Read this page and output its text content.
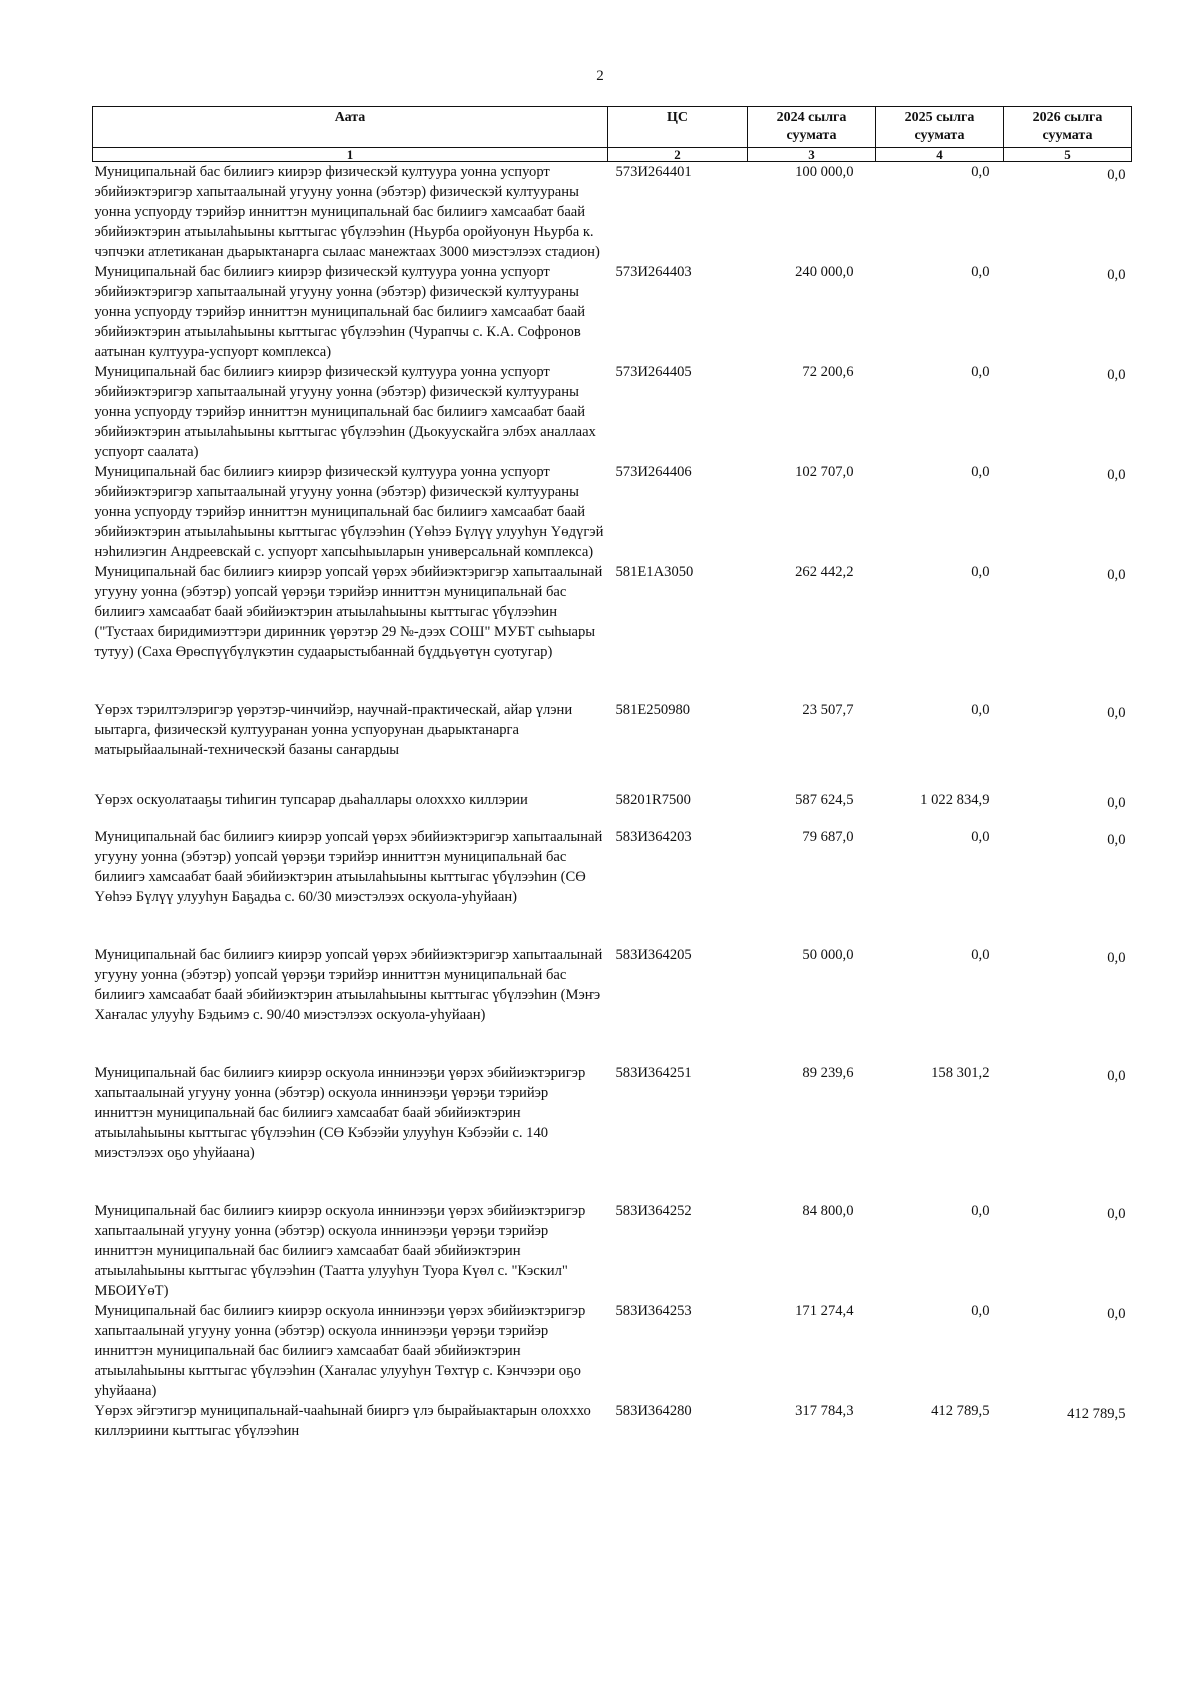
2
Аата	ЦС	2024 сылга суумата	2025 сылга суумата	2026 сылга суумата
1	2	3	4	5
Муниципальнай бас билиигэ киирэр физическэй култуура уонна успуорт эбийиэктэригэр хапытаалынай угууну уонна (эбэтэр) физическэй култуураны уонна успуорду тэрийэр инниттэн муниципальнай бас билиигэ хамсаабат баай эбийиэктэрин атыылаһыыны кыттыгас үбүлээһин (Ньурба оройуонун Ньурба к. чэпчэки атлетиканан дьарыктанарга сылаас манежтаах 3000 миэстэлээх стадион)	573И264401	100 000,0	0,0	0,0
Муниципальнай бас билиигэ киирэр физическэй култуура уонна успуорт эбийиэктэригэр хапытаалынай угууну уонна (эбэтэр) физическэй култуураны уонна успуорду тэрийэр инниттэн муниципальнай бас билиигэ хамсаабат баай эбийиэктэрин атыылаһыыны кыттыгас үбүлээһин (Чурапчы с. К.А. Софронов аатынан култуура-успуорт комплекса)	573И264403	240 000,0	0,0	0,0
Муниципальнай бас билиигэ киирэр физическэй култуура уонна успуорт эбийиэктэригэр хапытаалынай угууну уонна (эбэтэр) физическэй култуураны уонна успуорду тэрийэр инниттэн муниципальнай бас билиигэ хамсаабат баай эбийиэктэрин атыылаһыыны кыттыгас үбүлээһин (Дьокуускайга элбэх аналлаах успуорт саалата)	573И264405	72 200,6	0,0	0,0
Муниципальнай бас билиигэ киирэр физическэй култуура уонна успуорт эбийиэктэригэр хапытаалынай угууну уонна (эбэтэр) физическэй култуураны уонна успуорду тэрийэр инниттэн муниципальнай бас билиигэ хамсаабат баай эбийиэктэрин атыылаһыыны кыттыгас үбүлээһин (Үөһээ Бүлүү улууһун Үөдүгэй нэһилиэгин Андреевскай с. успуорт хапсыһыыларын универсальнай комплекса)	573И264406	102 707,0	0,0	0,0
Муниципальнай бас билиигэ киирэр уопсай үөрэх эбийиэктэригэр хапытаалынай угууну уонна (эбэтэр) уопсай үөрэҕи тэрийэр инниттэн муниципальнай бас билиигэ хамсаабат баай эбийиэктэрин атыылаһыыны кыттыгас үбүлээһин ("Тустаах биридимиэттэри диринник үөрэтэр 29 №-дээх СОШ" МУБТ сыһыары тутуу) (Саха Өрөспүүбүлүкэтин судаарыстыбаннай бүддьүөтүн суотугар)	581E1A3050	262 442,2	0,0	0,0
Үөрэх тэрилтэлэригэр үөрэтэр-чинчийэр, научнай-практическай, айар үлэни ыытарга, физическэй култууранан уонна успуорунан дьарыктанарга матырыйаалынай-техническэй базаны саҥардыы	581E250980	23 507,7	0,0	0,0
Үөрэх оскуолатааҕы тиһигин тупсарар дьаһаллары олохххо киллэрии	58201R7500	587 624,5	1 022 834,9	0,0
Муниципальнай бас билиигэ киирэр уопсай үөрэх эбийиэктэригэр хапытаалынай угууну уонна (эбэтэр) уопсай үөрэҕи тэрийэр инниттэн муниципальнай бас билиигэ хамсаабат баай эбийиэктэрин атыылаһыыны кыттыгас үбүлээһин (СӨ Үөһээ Бүлүү улууһун Баҕадьа с. 60/30 миэстэлээх оскуола-уһуйаан)	583И364203	79 687,0	0,0	0,0
Муниципальнай бас билиигэ киирэр уопсай үөрэх эбийиэктэригэр хапытаалынай угууну уонна (эбэтэр) уопсай үөрэҕи тэрийэр инниттэн муниципальнай бас билиигэ хамсаабат баай эбийиэктэрин атыылаһыыны кыттыгас үбүлээһин (Мэҥэ Хаҥалас улууһу Бэдьимэ с. 90/40 миэстэлээх оскуола-уһуйаан)	583И364205	50 000,0	0,0	0,0
Муниципальнай бас билиигэ киирэр оскуола иннинээҕи үөрэх эбийиэктэригэр хапытаалынай угууну уонна (эбэтэр) оскуола иннинээҕи үөрэҕи тэрийэр инниттэн муниципальнай бас билиигэ хамсаабат баай эбийиэктэрин атыылаһыыны кыттыгас үбүлээһин (СӨ Кэбээйи улууһун Кэбээйи с. 140 миэстэлээх оҕо уһуйаана)	583И364251	89 239,6	158 301,2	0,0
Муниципальнай бас билиигэ киирэр оскуола иннинээҕи үөрэх эбийиэктэригэр хапытаалынай угууну уонна (эбэтэр) оскуола иннинээҕи үөрэҕи тэрийэр инниттэн муниципальнай бас билиигэ хамсаабат баай эбийиэктэрин атыылаһыыны кыттыгас үбүлээһин (Таатта улууһун Туора Күөл с. "Кэскил" МБОИҮөТ)	583И364252	84 800,0	0,0	0,0
Муниципальнай бас билиигэ киирэр оскуола иннинээҕи үөрэх эбийиэктэригэр хапытаалынай угууну уонна (эбэтэр) оскуола иннинээҕи үөрэҕи тэрийэр инниттэн муниципальнай бас билиигэ хамсаабат баай эбийиэктэрин атыылаһыыны кыттыгас үбүлээһин (Хаҥалас улууһун Төхтүр с. Кэнчээри оҕо уһуйаана)	583И364253	171 274,4	0,0	0,0
Үөрэх эйгэтигэр муниципальнай-чааһынай бииргэ үлэ бырайыактарын олохххо киллэриини кыттыгас үбүлээһин	583И364280	317 784,3	412 789,5	412 789,5
